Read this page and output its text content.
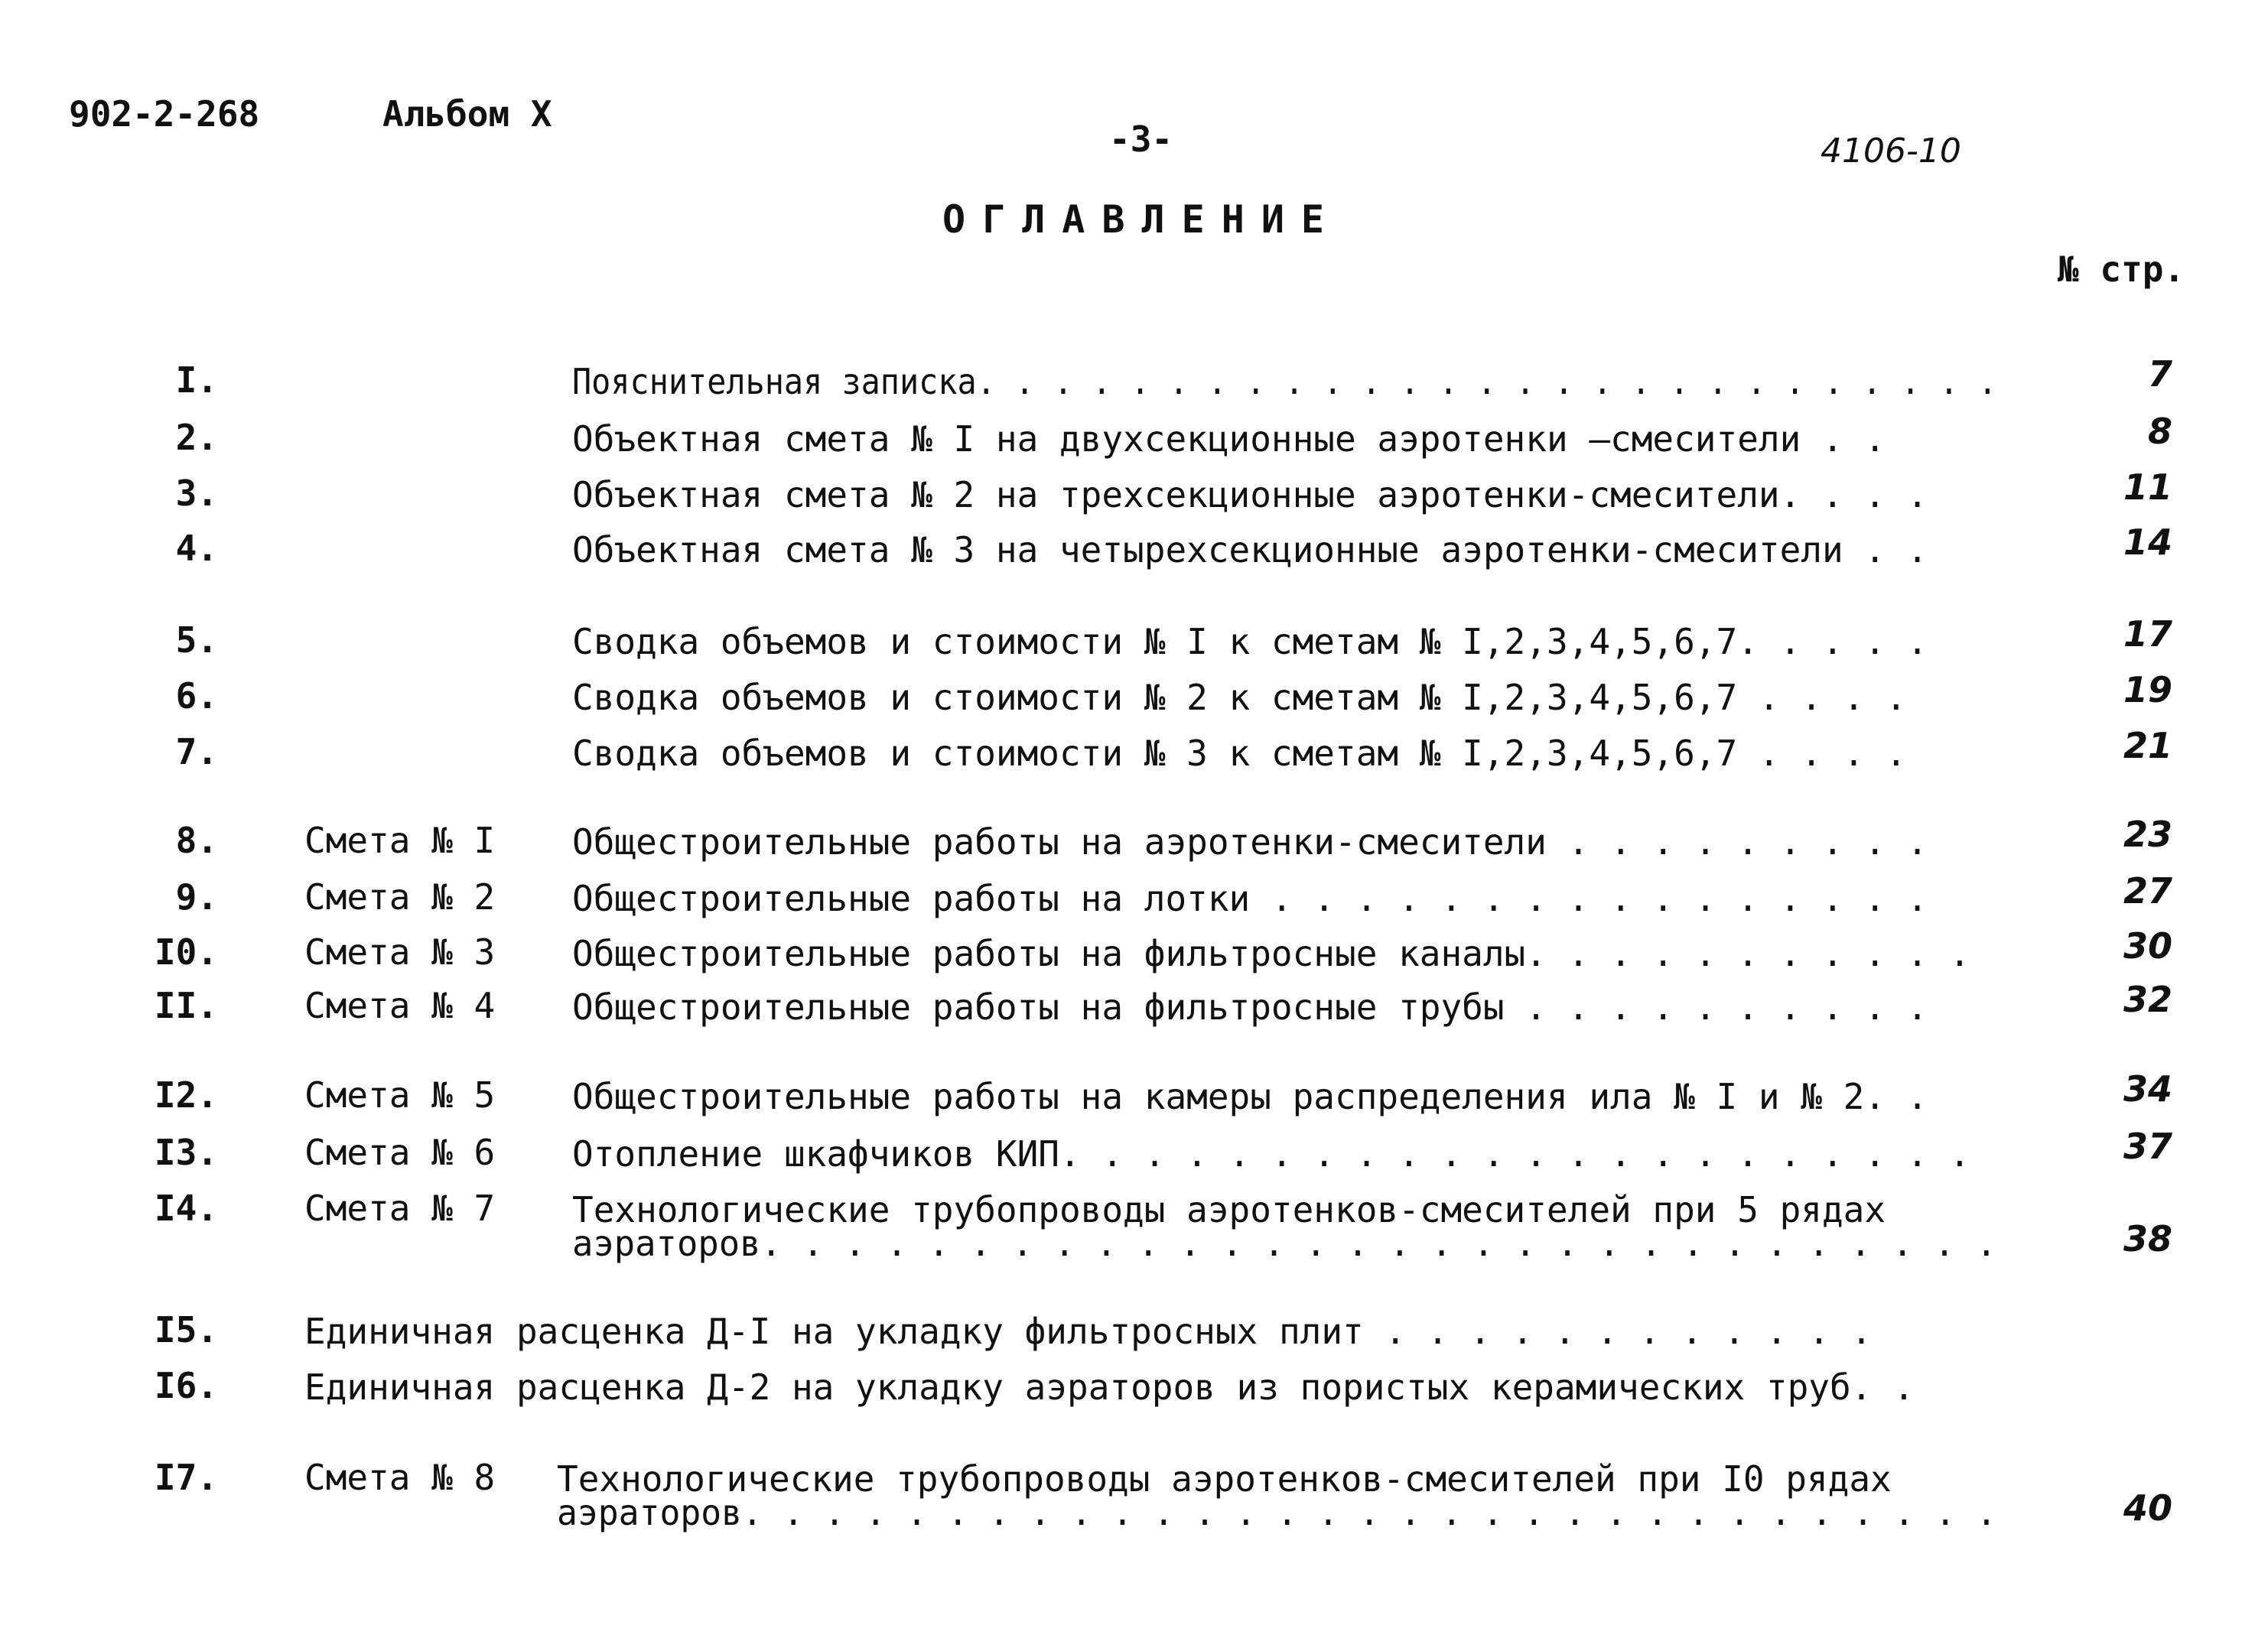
902-2-268	Альбом X
-3-	4106-10
ОГЛАВЛЕНИЕ
№ стр.
I.	Пояснительная записка. . . . . . . . . . . . . . . . . . . . . . . . . . .	7
2.	Объектная смета № I на двухсекционные аэротенки –смесители . .	8
3.	Объектная смета № 2 на трехсекционные аэротенки-смесители. . . .	11
4.	Объектная смета № 3 на четырехсекционные аэротенки-смесители . .	14
5.	Сводка объемов и стоимости № I к сметам № I,2,3,4,5,6,7. . . . .	17
6.	Сводка объемов и стоимости № 2 к сметам № I,2,3,4,5,6,7 . . . .	19
7.	Сводка объемов и стоимости № 3 к сметам № I,2,3,4,5,6,7 . . . .	21
8. Смета № I Общестроительные работы на аэротенки-смесители . . . . . . . . .	23
9. Смета № 2 Общестроительные работы на лотки . . . . . . . . . . . . . . . .	27
I0. Смета № 3 Общестроительные работы на фильтросные каналы. . . . . . . . . . .	30
II. Смета № 4 Общестроительные работы на фильтросные трубы . . . . . . . . . .	32
I2. Смета № 5 Общестроительные работы на камеры распределения ила № I и № 2. .	34
I3. Смета № 6 Отопление шкафчиков КИП. . . . . . . . . . . . . . . . . . . . . .	37
I4. Смета № 7 Технологические трубопроводы аэротенков-смесителей при 5 рядах
аэраторов. . . . . . . . . . . . . . . . . . . . . . . . . . . . . .	38
I5. Единичная расценка Д-I на укладку фильтросных плит . . . . . . . . . . . .
I6. Единичная расценка Д-2 на укладку аэраторов из пористых керамических труб. .
I7. Смета № 8 Технологические трубопроводы аэротенков-смесителей при I0 рядах
аэраторов. . . . . . . . . . . . . . . . . . . . . . . . . . . . . . .	40
